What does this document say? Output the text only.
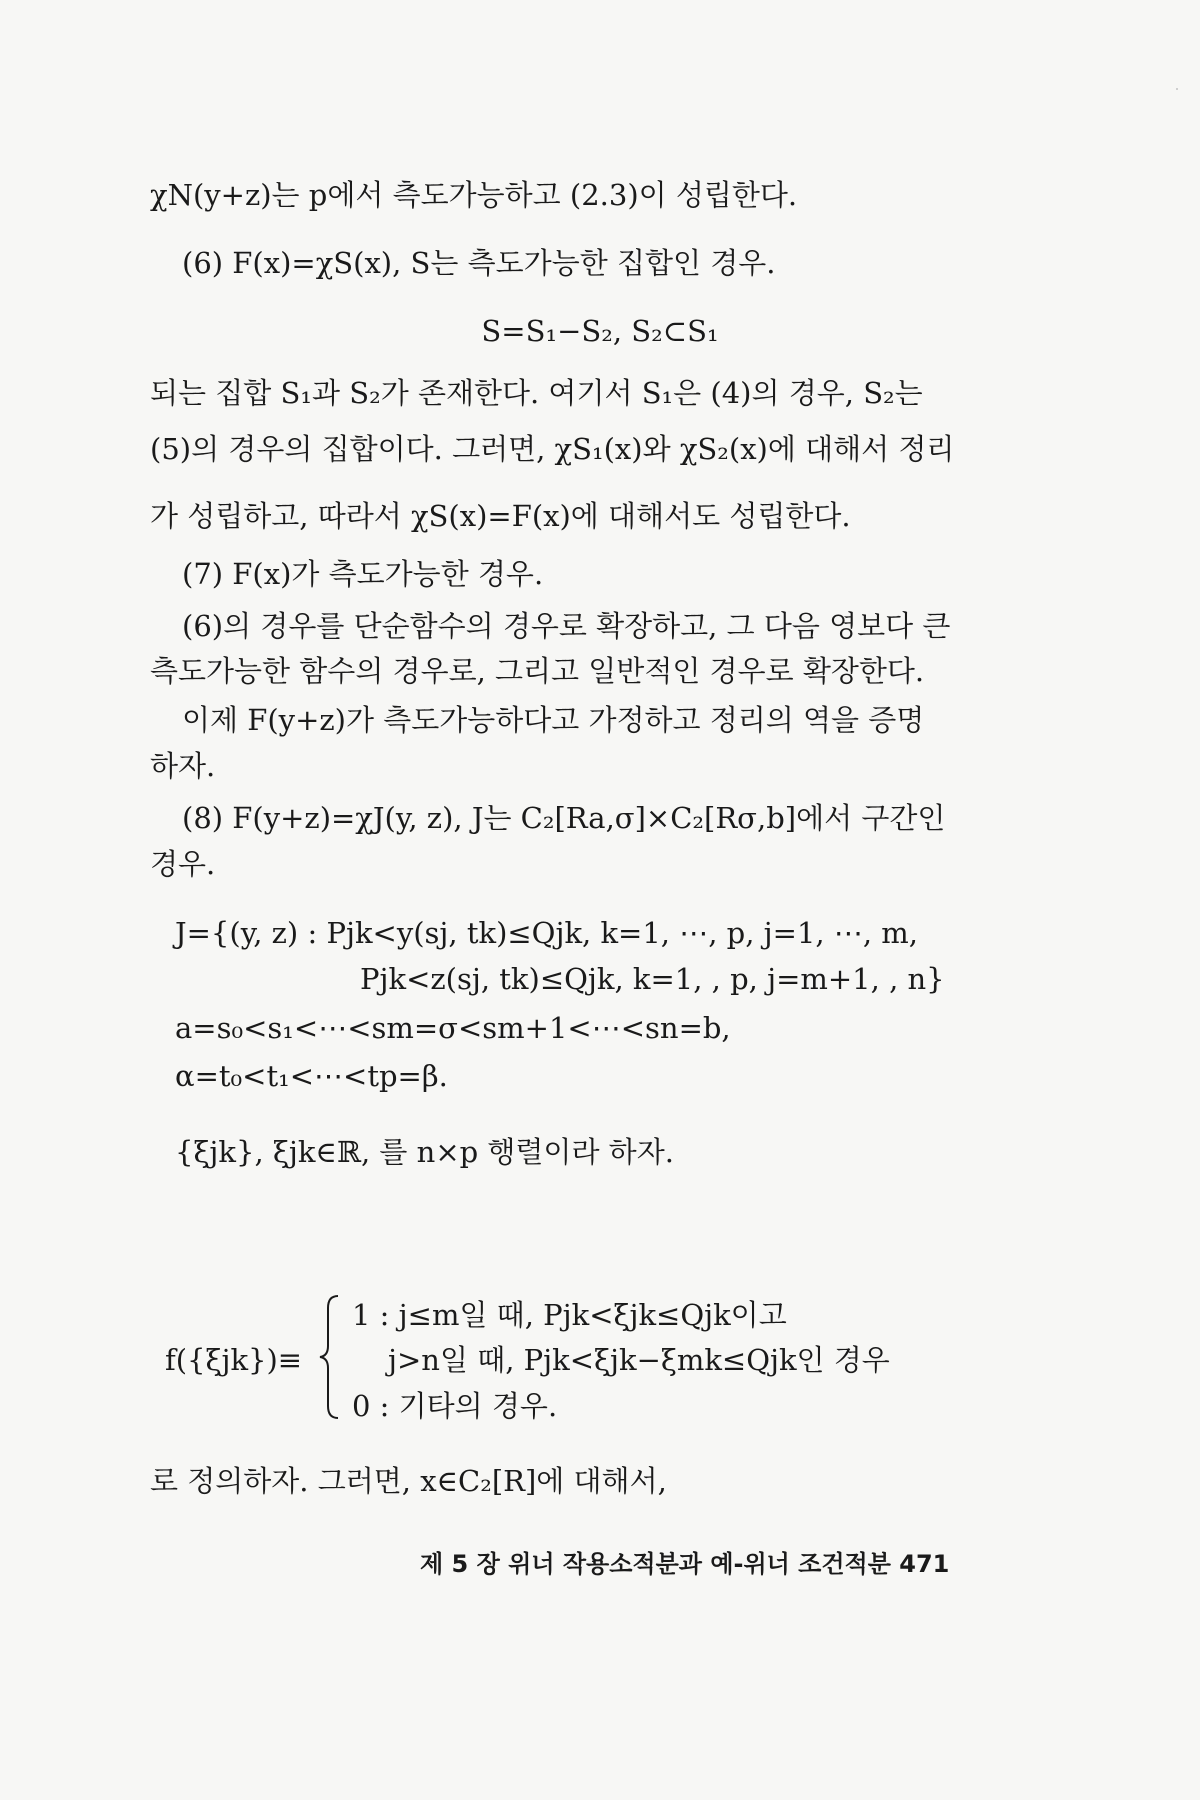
χN(y+z)는 p에서 측도가능하고 (2.3)이 성립한다.
(6) F(x)=χS(x), S는 측도가능한 집합인 경우.
S=S₁−S₂, S₂⊂S₁
되는 집합 S₁과 S₂가 존재한다. 여기서 S₁은 (4)의 경우, S₂는
(5)의 경우의 집합이다. 그러면, χS₁(x)와 χS₂(x)에 대해서 정리
가 성립하고, 따라서 χS(x)=F(x)에 대해서도 성립한다.
(7) F(x)가 측도가능한 경우.
(6)의 경우를 단순함수의 경우로 확장하고, 그 다음 영보다 큰
측도가능한 함수의 경우로, 그리고 일반적인 경우로 확장한다.
이제 F(y+z)가 측도가능하다고 가정하고 정리의 역을 증명
하자.
(8) F(y+z)=χJ(y, z), J는 C₂[Ra,σ]×C₂[Rσ,b]에서 구간인
경우.
J={(y, z) : Pjk<y(sj, tk)≤Qjk, k=1, ⋯, p, j=1, ⋯, m,
Pjk<z(sj, tk)≤Qjk, k=1, , p, j=m+1, , n}
a=s₀<s₁<⋯<sm=σ<sm+1<⋯<sn=b,
α=t₀<t₁<⋯<tp=β.
{ξjk}, ξjk∈ℝ, 를 n×p 행렬이라 하자.
f({ξjk})≡
1 : j≤m일 때, Pjk<ξjk≤Qjk이고
j>n일 때, Pjk<ξjk−ξmk≤Qjk인 경우
0 : 기타의 경우.
로 정의하자. 그러면, x∈C₂[R]에 대해서,
제 5 장 위너 작용소적분과 예-위너 조건적분 471
